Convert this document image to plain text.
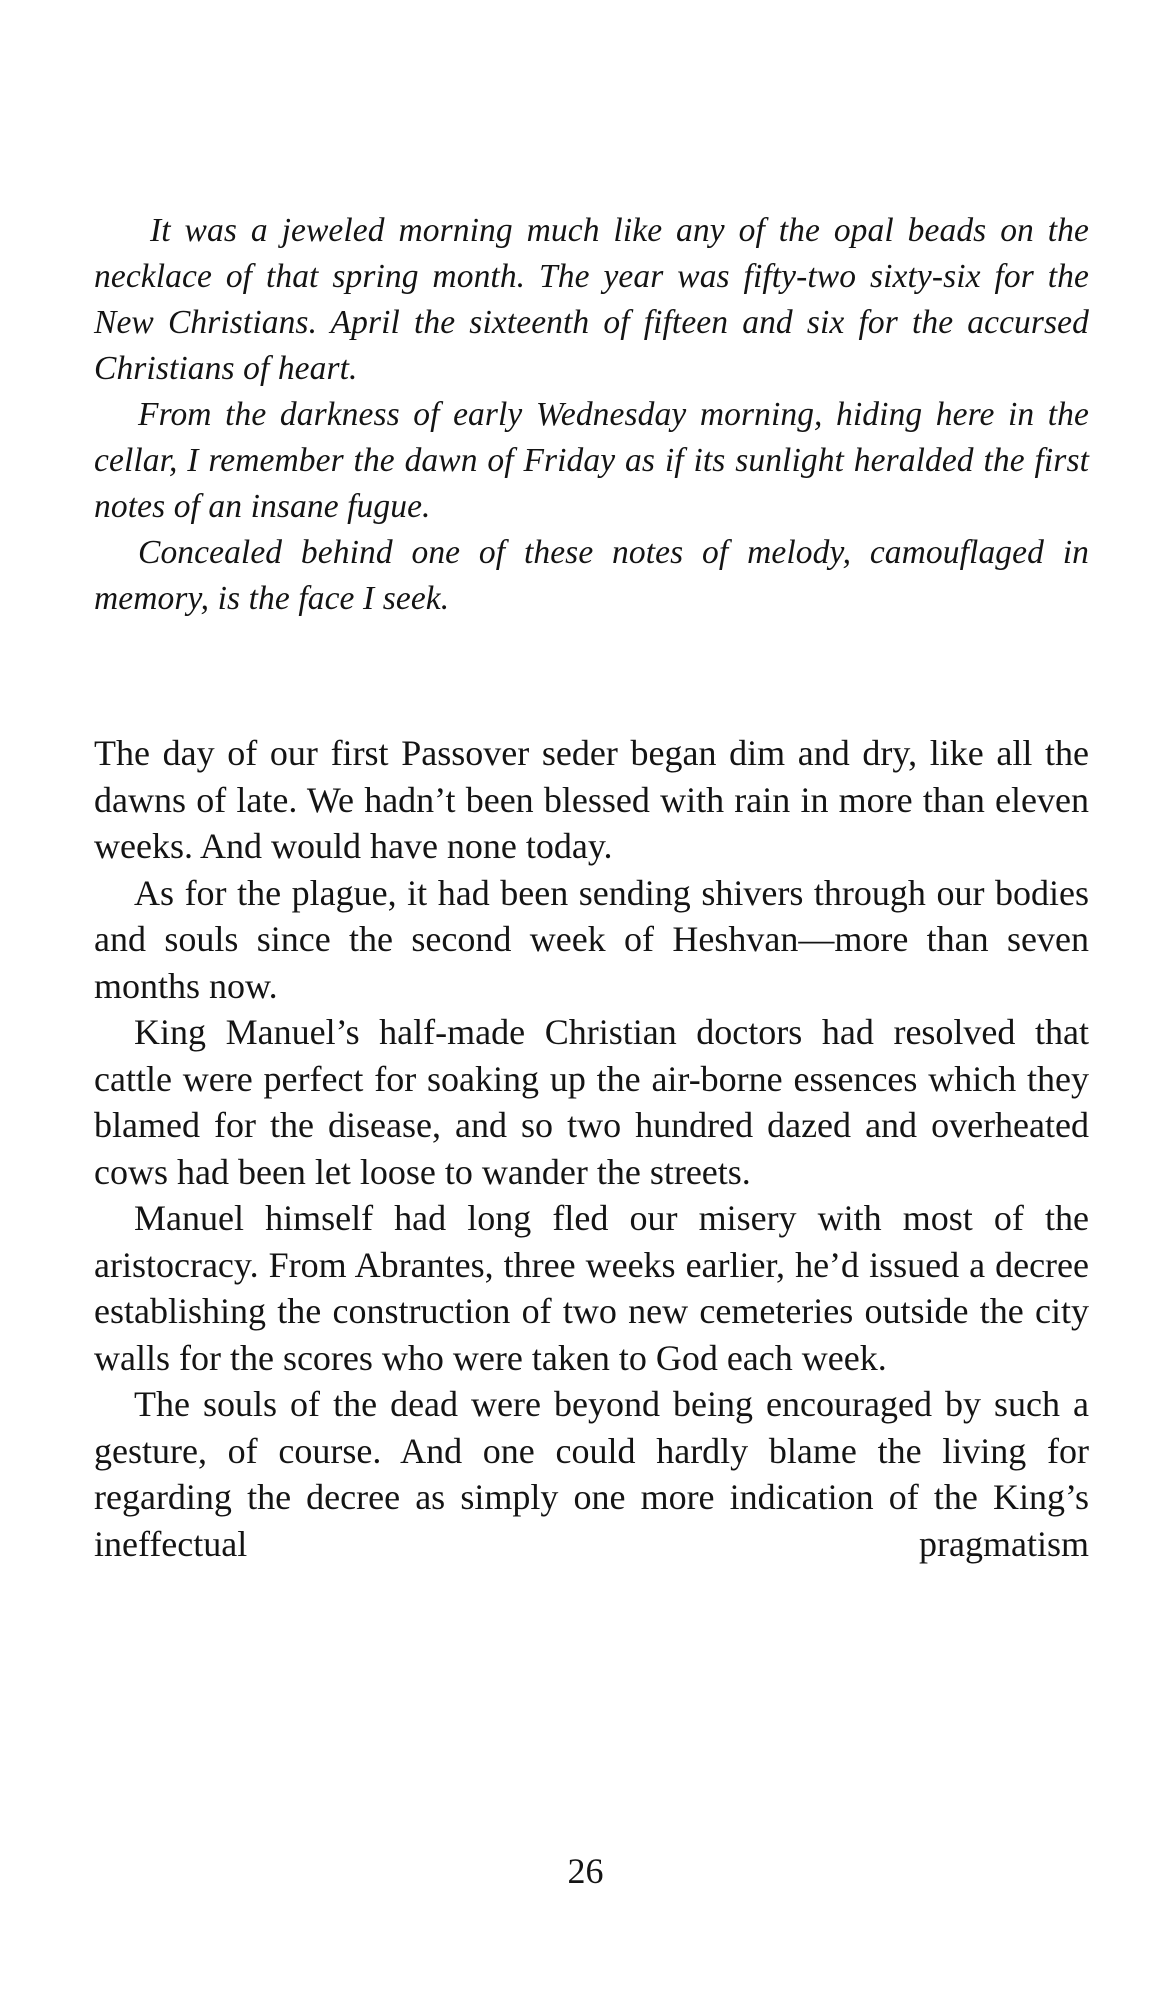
It was a jeweled morning much like any of the opal beads on the necklace of that spring month. The year was fifty-two sixty-six for the New Christians. April the sixteenth of fifteen and six for the accursed Christians of heart.

From the darkness of early Wednesday morning, hiding here in the cellar, I remember the dawn of Friday as if its sunlight heralded the first notes of an insane fugue.

Concealed behind one of these notes of melody, camouflaged in memory, is the face I seek.

The day of our first Passover seder began dim and dry, like all the dawns of late. We hadn’t been blessed with rain in more than eleven weeks. And would have none today.

As for the plague, it had been sending shivers through our bodies and souls since the second week of Heshvan—more than seven months now.

King Manuel’s half-made Christian doctors had resolved that cattle were perfect for soaking up the air-borne essences which they blamed for the disease, and so two hundred dazed and overheated cows had been let loose to wander the streets.

Manuel himself had long fled our misery with most of the aristocracy. From Abrantes, three weeks earlier, he’d issued a decree establishing the construction of two new cemeteries outside the city walls for the scores who were taken to God each week.

The souls of the dead were beyond being encouraged by such a gesture, of course. And one could hardly blame the living for regarding the decree as simply one more indication of the King’s ineffectual pragmatism

26
